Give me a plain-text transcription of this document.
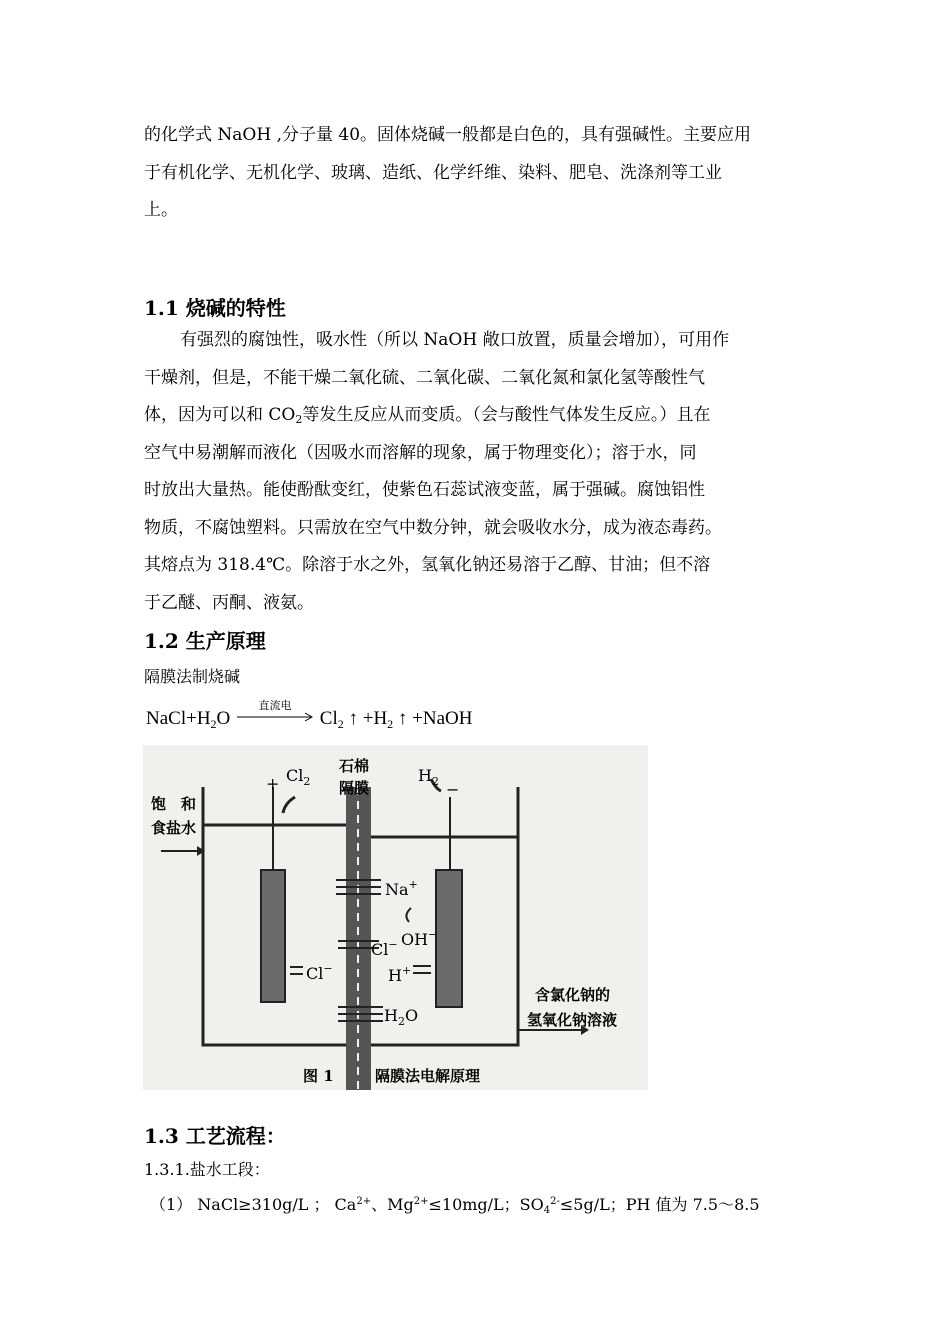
的化学式 NaOH ,分子量 40。固体烧碱一般都是白色的，具有强碱性。主要应用
于有机化学、无机化学、玻璃、造纸、化学纤维、染料、肥皂、洗涤剂等工业
上。
1.1 烧碱的特性
有强烈的腐蚀性，吸水性（所以 NaOH 敞口放置，质量会增加），可用作
干燥剂，但是，不能干燥二氧化硫、二氧化碳、二氧化氮和氯化氢等酸性气
体，因为可以和 CO2等发生反应从而变质。（会与酸性气体发生反应。）且在
空气中易潮解而液化（因吸水而溶解的现象，属于物理变化）；溶于水，同
时放出大量热。能使酚酞变红，使紫色石蕊试液变蓝，属于强碱。腐蚀铝性
物质，不腐蚀塑料。只需放在空气中数分钟，就会吸收水分，成为液态毒药。
其熔点为 318.4℃。除溶于水之外，氢氧化钠还易溶于乙醇、甘油；但不溶
于乙醚、丙酮、液氨。
1.2 生产原理
隔膜法制烧碱
$NaCl+H_2O$
直流电
$Cl_2$ ↑ $+H_2$ ↑ +NaOH
石棉
隔膜
饱　和
食盐水
含氯化钠的
氢氧化钠溶液
+ $Cl_2$	−
$H_2$
Cl−
Na+
Cl− OH−
H+
$H_2O$
图 1	隔膜法电解原理
1.3 工艺流程：
1.3.1.盐水工段：
（1） NaCl≥310g/L ； $Ca^{2+}$、$Mg^{2+}\le 10mg/L$；$SO_4^{2-}\le 5g/L$；PH 值为 7.5～8.5
